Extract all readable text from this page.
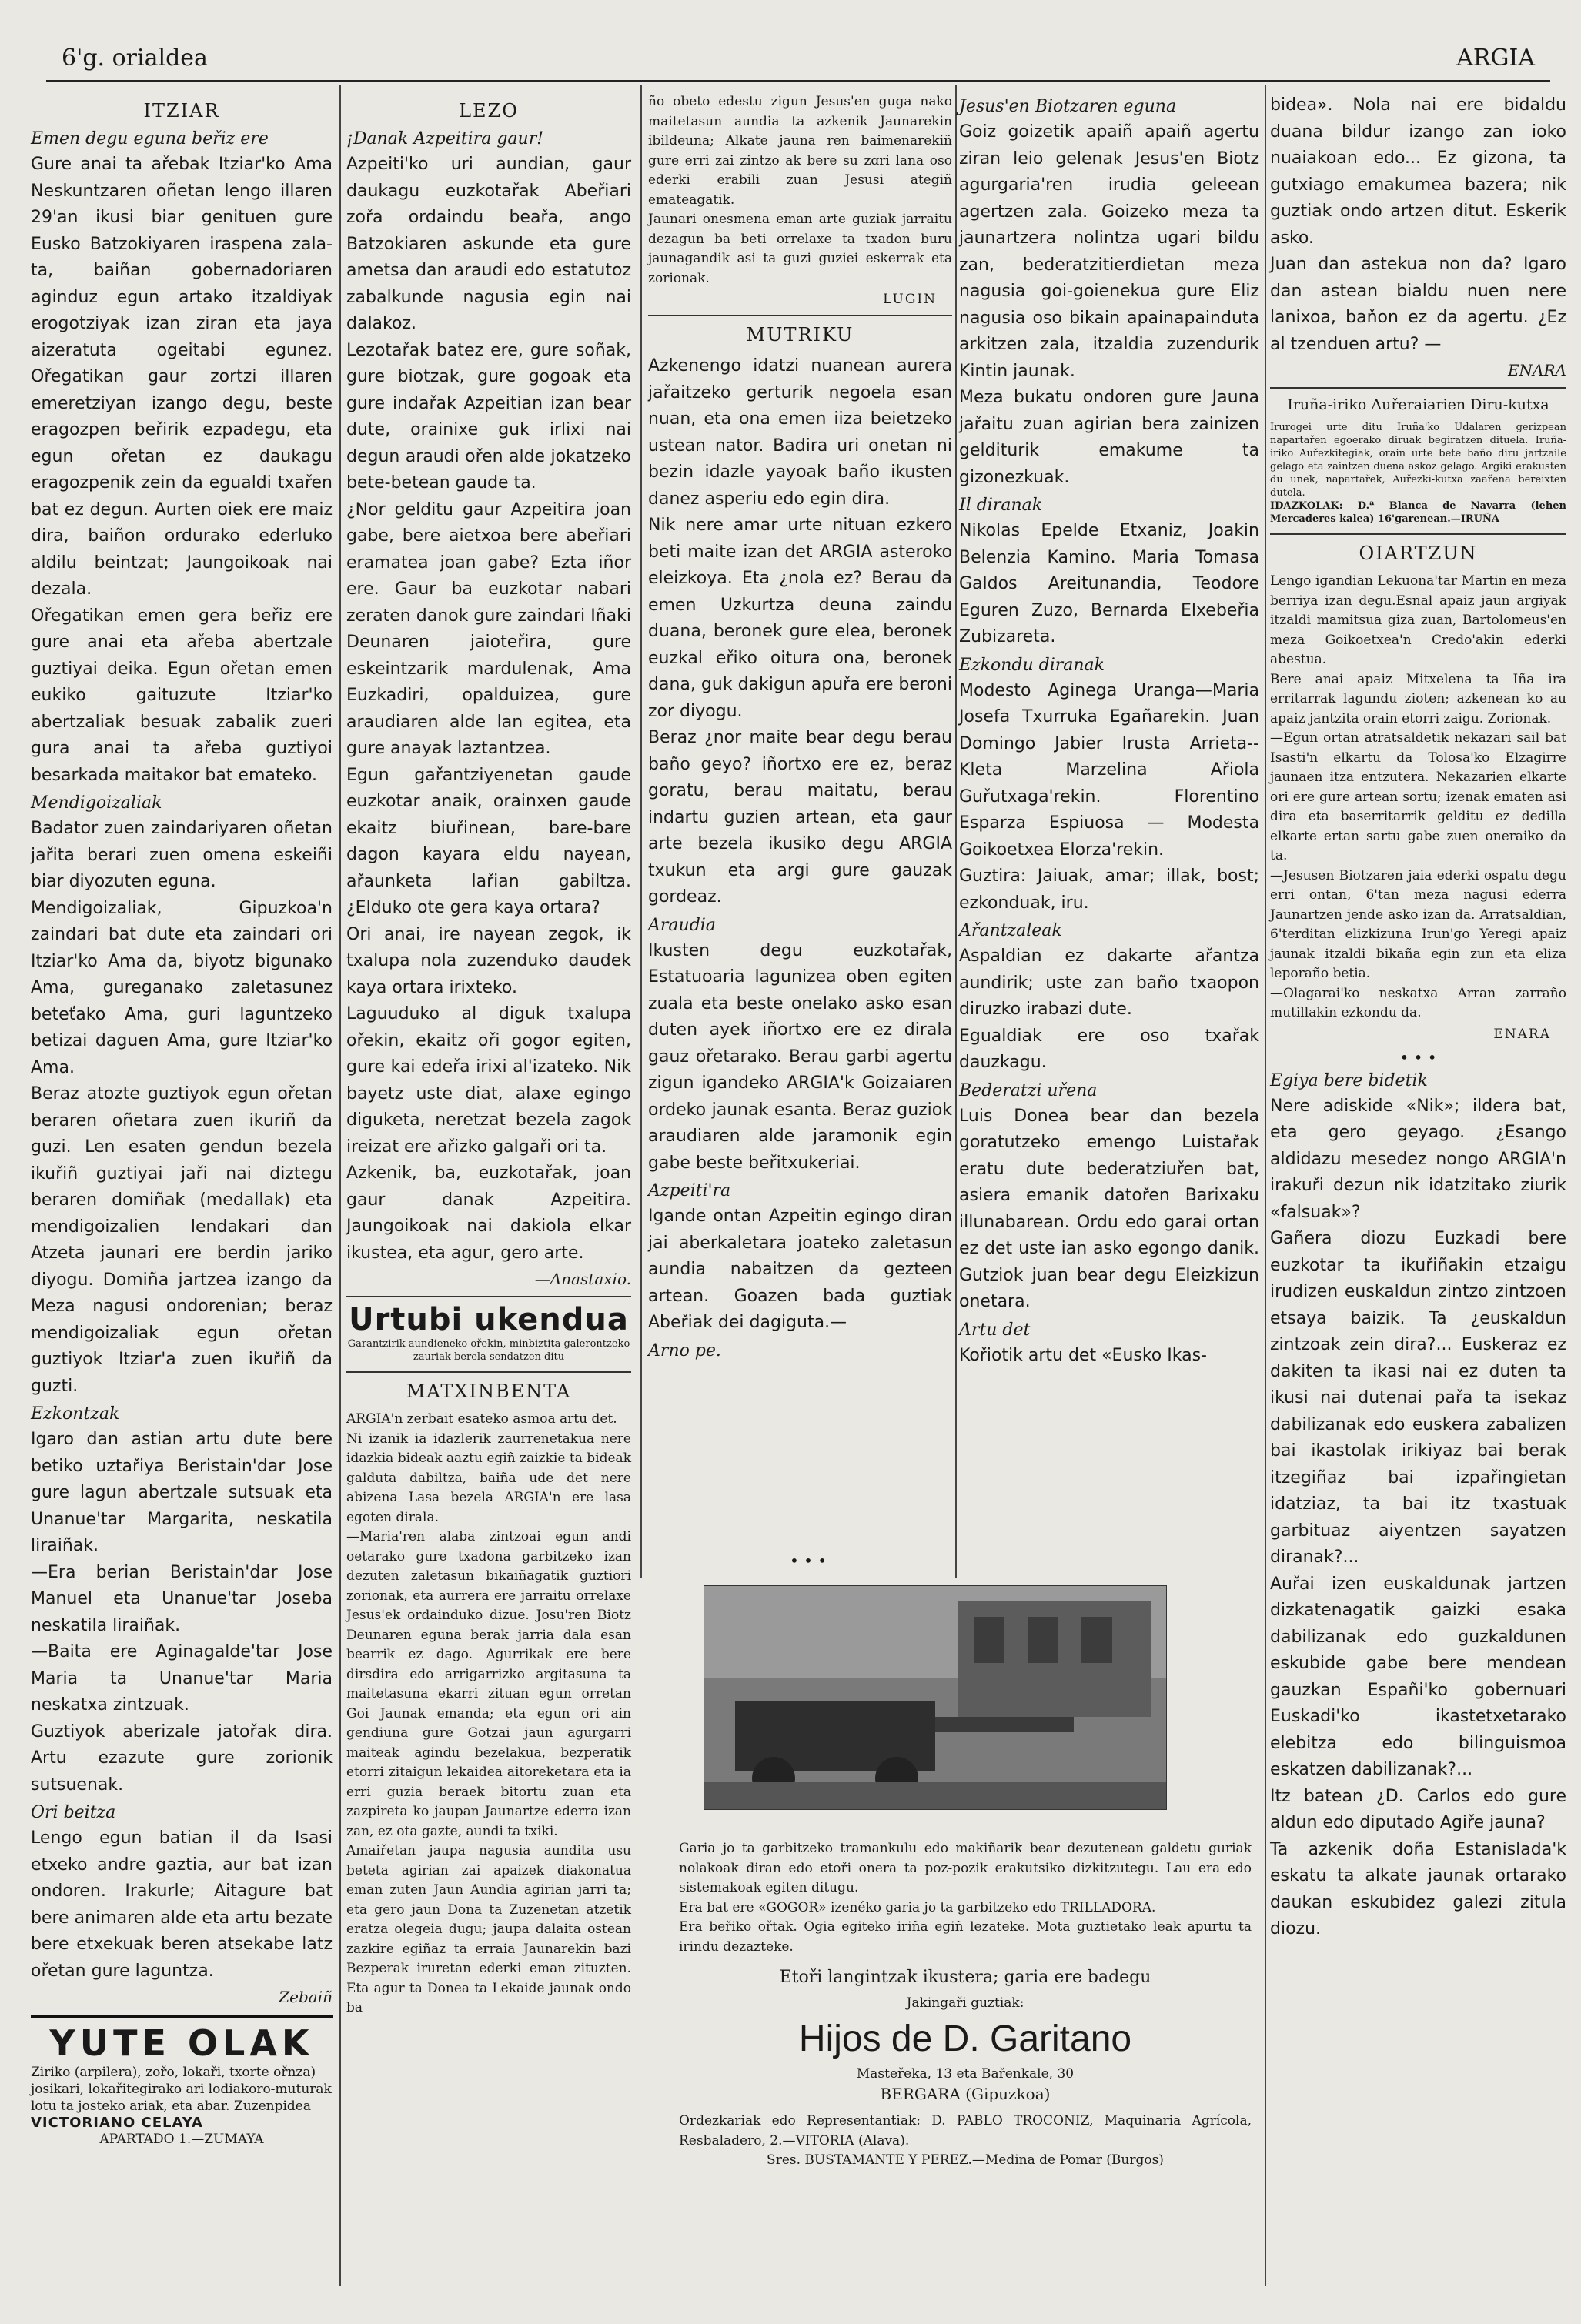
6'g. orialdea	ARGIA
ITZIAR
Emen degu eguna beřiz ere

Gure anai ta ařebak Itziar'ko Ama Neskuntzaren oñetan lengo illaren 29'an ikusi biar genituen gure Eusko Batzokiyaren iraspena zala-ta, baiñan gobernadoriaren aginduz egun artako itzaldiyak erogotziyak izan ziran eta jaya aizeratuta ogeitabi egunez. Ořegatikan gaur zortzi illaren emeretziyan izango degu, beste eragozpen beřirik ezpadegu, eta egun ořetan ez daukagu eragozpenik zein da egualdi txařen bat ez degun. Aurten oiek ere maiz dira, baiñon ordurako ederluko aldilu beintzat; Jaungoikoak nai dezala.

Ořegatikan emen gera beřiz ere gure anai eta ařeba abertzale guztiyai deika. Egun ořetan emen eukiko gaituzute Itziar'ko abertzaliak besuak zabalik zueri gura anai ta ařeba guztiyoi besarkada maitakor bat emateko.

Mendigoizaliak

Badator zuen zaindariyaren oñetan jařita berari zuen omena eskeiñi biar diyozuten eguna.

Mendigoizaliak, Gipuzkoa'n zaindari bat dute eta zaindari ori Itziar'ko Ama da, biyotz bigunako Ama, gureganako zaletasunez beteťako Ama, guri laguntzeko betizai daguen Ama, gure Itziar'ko Ama.

Beraz atozte guztiyok egun ořetan beraren oñetara zuen ikuriñ da guzi. Len esaten gendun bezela ikuřiñ guztiyai jaři nai diztegu beraren domiñak (medallak) eta mendigoizalien lendakari dan Atzeta jaunari ere berdin jariko diyogu. Domiña jartzea izango da Meza nagusi ondorenian; beraz mendigoizaliak egun ořetan guztiyok Itziar'a zuen ikuřiñ da guzti.

Ezkontzak

Igaro dan astian artu dute bere betiko uztařiya Beristain'dar Jose gure lagun abertzale sutsuak eta Unanue'tar Margarita, neskatila liraiñak.

—Era berian Beristain'dar Jose Manuel eta Unanue'tar Joseba neskatila liraiñak.

—Baita ere Aginagalde'tar Jose Maria ta Unanue'tar Maria neskatxa zintzuak.

Guztiyok aberizale jatořak dira. Artu ezazute gure zorionik sutsuenak.

Ori beitza

Lengo egun batian il da Isasi etxeko andre gaztia, aur bat izan ondoren. Irakurle; Aitagure bat bere animaren alde eta artu bezate bere etxekuak beren atsekabe latz ořetan gure laguntza.

Zebaiñ
YUTE OLAK
Ziriko (arpilera), zořo, lokaři, txorte ořnza) josikari, lokařitegirako ari lodiakoro-muturak lotu ta josteko ariak, eta abar. Zuzenpidea
VICTORIANO CELAYA
APARTADO 1.—ZUMAYA
LEZO
¡Danak Azpeitira gaur!

Azpeiti'ko uri aundian, gaur daukagu euzkotařak Abeřiari zořa ordaindu beařa, ango Batzokiaren askunde eta gure ametsa dan araudi edo estatutoz zabalkunde nagusia egin nai dalakoz.

Lezotařak batez ere, gure soñak, gure biotzak, gure gogoak eta gure indařak Azpeitian izan bear dute, orainixe guk irlixi nai degun araudi ořen alde jokatzeko bete-betean gaude ta.

¿Nor gelditu gaur Azpeitira joan gabe, bere aietxoa bere abeřiari eramatea joan gabe? Ezta iñor ere. Gaur ba euzkotar nabari zeraten danok gure zaindari Iñaki Deunaren jaioteřira, gure eskeintzarik mardulenak, Ama Euzkadiri, opalduizea, gure araudiaren alde lan egitea, eta gure anayak laztantzea.

Egun gařantziyenetan gaude euzkotar anaik, orainxen gaude ekaitz biuřinean, bare-bare dagon kayara eldu nayean, ařaunketa lařian gabiltza. ¿Elduko ote gera kaya ortara?

Ori anai, ire nayean zegok, ik txalupa nola zuzenduko daudek kaya ortara irixteko.

Laguuduko al diguk txalupa ořekin, ekaitz oři gogor egiten, gure kai edeřa irixi al'izateko. Nik bayetz uste diat, alaxe egingo diguketa, neretzat bezela zagok ireizat ere ařizko galgaři ori ta.

Azkenik, ba, euzkotařak, joan gaur danak Azpeitira. Jaungoikoak nai dakiola elkar ikustea, eta agur, gero arte.

—Anastaxio.
Urtubi ukendua
Garantzirik aundieneko ořekin, minbiztita galerontzeko zauriak berela sendatzen ditu
MATXINBENTA

ARGIA'n zerbait esateko asmoa artu det.

Ni izanik ia idazlerik zaurrenetakua nere idazkia bideak aaztu egiñ zaizkie ta bideak galduta dabiltza, baiña ude det nere abizena Lasa bezela ARGIA'n ere lasa egoten dirala.

—Maria'ren alaba zintzoai egun andi oetarako gure txadona garbitzeko izan dezuten zaletasun bikaiñagatik guztiori zorionak, eta aurrera ere jarraitu orrelaxe Jesus'ek ordainduko dizue. Josu'ren Biotz Deunaren eguna berak jarria dala esan bearrik ez dago. Agurrikak ere bere dirsdira edo arrigarrizko argitasuna ta maitetasuna ekarri zituan egun orretan Goi Jaunak emanda; eta egun ori ain gendiuna gure Gotzai jaun agurgarri maiteak agindu bezelakua, bezperatik etorri zitaigun lekaidea aitoreketara eta ia erri guzia beraek bitortu zuan eta zazpireta ko jaupan Jaunartze ederra izan zan, ez ota gazte, aundi ta txiki.

Amaiřetan jaupa nagusia aundita usu beteta agirian zai apaizek diakonatua eman zuten Jaun Aundia agirian jarri ta; eta gero jaun Dona ta Zuzenetan atzetik eratza olegeia dugu; jaupa dalaita ostean zazkire egiñaz ta erraia Jaunarekin bazi Bezperak iruretan ederki eman zituzten. Eta agur ta Donea ta Lekaide jaunak ondo ba

ño obeto edestu zigun Jesus'en guga nako maitetasun aundia ta azkenik Jaunarekin ibildeuna; Alkate jauna ren baimenarekiñ gure erri zai zintzo ak bere su zɑri lana oso ederki erabili zuan Jesusi ategiñ emateagatik.

Jaunari onesmena eman arte guziak jarraitu dezagun ba beti orrelaxe ta txadon buru jaunagandik asi ta guzi guziei eskerrak eta zorionak.

LUGIN
MUTRIKU

Azkenengo idatzi nuanean aurera jařaitzeko gerturik negoela esan nuan, eta ona emen iiza beietzeko ustean nator. Badira uri onetan ni bezin idazle yayoak baño ikusten danez asperiu edo egin dira.

Nik nere amar urte nituan ezkero beti maite izan det ARGIA asteroko eleizkoya. Eta ¿nola ez? Berau da emen Uzkurtza deuna zaindu duana, beronek gure elea, beronek euzkal eřiko oitura ona, beronek dana, guk dakigun apuřa ere beroni zor diyogu.

Beraz ¿nor maite bear degu berau baño geyo? iñortxo ere ez, beraz goratu, berau maitatu, berau indartu guzien artean, eta gaur arte bezela ikusiko degu ARGIA txukun eta argi gure gauzak gordeaz.

Araudia

Ikusten degu euzkotařak, Estatuoaria lagunizea oben egiten zuala eta beste onelako asko esan duten ayek iñortxo ere ez dirala gauz ořetarako. Berau garbi agertu zigun igandeko ARGIA'k Goizaiaren ordeko jaunak esanta. Beraz guziok araudiaren alde jaramonik egin gabe beste beřitxukeriai.

Azpeiti'ra

Igande ontan Azpeitin egingo diran jai aberkaletara joateko zaletasun aundia nabaitzen da gezteen artean. Goazen bada guztiak Abeřiak dei dagiguta.—

Arno pe.
Jesus'en Biotzaren eguna

Goiz goizetik apaiñ apaiñ agertu ziran leio gelenak Jesus'en Biotz agurgaria'ren irudia geleean agertzen zala. Goizeko meza ta jaunartzera nolintza ugari bildu zan, bederatzitierdietan meza nagusia goi-goienekua gure Eliz nagusia oso bikain apainapainduta arkitzen zala, itzaldia zuzendurik Kintin jaunak.

Meza bukatu ondoren gure Jauna jařaitu zuan agirian bera zainizen gelditurik emakume ta gizonezkuak.

Il diranak

Nikolas Epelde Etxaniz, Joakin Belenzia Kamino. Maria Tomasa Galdos Areitunandia, Teodore Eguren Zuzo, Bernarda Elxebeřia Zubizareta.

Ezkondu diranak

Modesto Aginega Uranga—Maria Josefa Txurruka Egañarekin. Juan Domingo Jabier Irusta Arrieta--Kleta Marzelina Ařiola Guřutxaga'rekin. Florentino Esparza Espiuosa — Modesta Goikoetxea Elorza'rekin.

Guztira: Jaiuak, amar; illak, bost; ezkonduak, iru.

Ařantzaleak

Aspaldian ez dakarte ařantza aundirik; uste zan baño txaopon diruzko irabazi dute.

Egualdiak ere oso txařak dauzkagu.

Bederatzi uřena

Luis Donea bear dan bezela goratutzeko emengo Luistařak eratu dute bederatziuřen bat, asiera emanik datořen Barixaku illunabarean. Ordu edo garai ortan ez det uste ian asko egongo danik. Gutziok juan bear degu Eleizkizun onetara.

Artu det

Kořiotik artu det «Eusko Ikas-

bidea». Nola nai ere bidaldu duana bildur izango zan ioko nuaiakoan edo... Ez gizona, ta gutxiago emakumea bazera; nik guztiak ondo artzen ditut. Eskerik asko.

Juan dan astekua non da? Igaro dan astean bialdu nuen nere lanixoa, baňon ez da agertu. ¿Ez al tzenduen artu? —

ENARA
Iruña-iriko Auřeraiarien Diru-kutxa

Irurogei urte ditu Iruña'ko Udalaren gerizpean napartařen egoerako diruak begiratzen dituela. Iruña-iriko Auřezkitegiak, orain urte bete baño diru jartzaile gelago eta zaintzen duena askoz gelago. Argiki erakusten du unek, napartařek, Auřezki-kutxa zaařena bereixten dutela.

IDAZKOLAK: D.ª Blanca de Navarra (lehen Mercaderes kalea) 16'garenean.—IRUÑA

OIARTZUN

Lengo igandian Lekuona'tar Martin en meza berriya izan degu.Esnal apaiz jaun argiyak itzaldi mamitsua giza zuan, Bartolomeus'en meza Goikoetxea'n Credo'akin ederki abestua.

Bere anai apaiz Mitxelena ta Iña ira erritarrak lagundu zioten; azkenean ko au apaiz jantzita orain etorri zaigu. Zorionak.

—Egun ortan atratsaldetik nekazari sail bat Isasti'n elkartu da Tolosa'ko Elzagirre jaunaen itza entzutera. Nekazarien elkarte ori ere gure artean sortu; izenak ematen asi dira eta baserritarrik gelditu ez dedilla elkarte ertan sartu gabe zuen oneraiko da ta.

—Jesusen Biotzaren jaia ederki ospatu degu erri ontan, 6'tan meza nagusi ederra Jaunartzen jende asko izan da. Arratsaldian, 6'terditan elizkizuna Irun'go Yeregi apaiz jaunak itzaldi bikaña egin zun eta eliza leporaño betia.

—Olagarai'ko neskatxa Arran zarraño mutillakin ezkondu da.

ENARA
• • •
Egiya bere bidetik

Nere adiskide «Nik»; ildera bat, eta gero geyago. ¿Esango aldidazu mesedez nongo ARGIA'n irakuři dezun nik idatzitako ziurik «falsuak»?

Gañera diozu Euzkadi bere euzkotar ta ikuřiñakin etzaigu irudizen euskaldun zintzo zintzoen etsaya baizik. Ta ¿euskaldun zintzoak zein dira?... Euskeraz ez dakiten ta ikasi nai ez duten ta ikusi nai dutenai pařa ta isekaz dabilizanak edo euskera zabalizen bai ikastolak irikiyaz bai berak itzegiñaz bai izpařingietan idatziaz, ta bai itz txastuak garbituaz aiyentzen sayatzen diranak?...

Auřai izen euskaldunak jartzen dizkatenagatik gaizki esaka dabilizanak edo guzkaldunen eskubide gabe bere mendean gauzkan Españi'ko gobernuari Euskadi'ko ikastetxetarako elebitza edo bilinguismoa eskatzen dabilizanak?...

Itz batean ¿D. Carlos edo gure aldun edo diputado Agiře jauna?

Ta azkenik doña Estanislada'k eskatu ta alkate jaunak ortarako daukan eskubidez galezi zitula diozu.

• • •

Garia jo ta garbitzeko tramankulu edo makiñarik bear dezutenean galdetu guriak nolakoak diran edo etoři onera ta poz-pozik erakutsiko dizkitzutegu. Lau era edo sistemakoak egiten ditugu.

Era bat ere «GOGOR» izenéko garia jo ta garbitzeko edo TRILLADORA.

Era beřiko ořtak. Ogia egiteko iriña egiñ lezateke. Mota guztietako leak apurtu ta irindu dezazteke.

Etoři langintzak ikustera; garia ere badegu
Jakingaři guztiak:
Hijos de D. Garitano
Masteřeka, 13 eta Bařenkale, 30
BERGARA (Gipuzkoa)

Ordezkariak edo Representantiak: D. PABLO TROCONIZ, Maquinaria Agrícola, Resbaladero, 2.—VITORIA (Alava).

Sres. BUSTAMANTE Y PEREZ.—Medina de Pomar (Burgos)
